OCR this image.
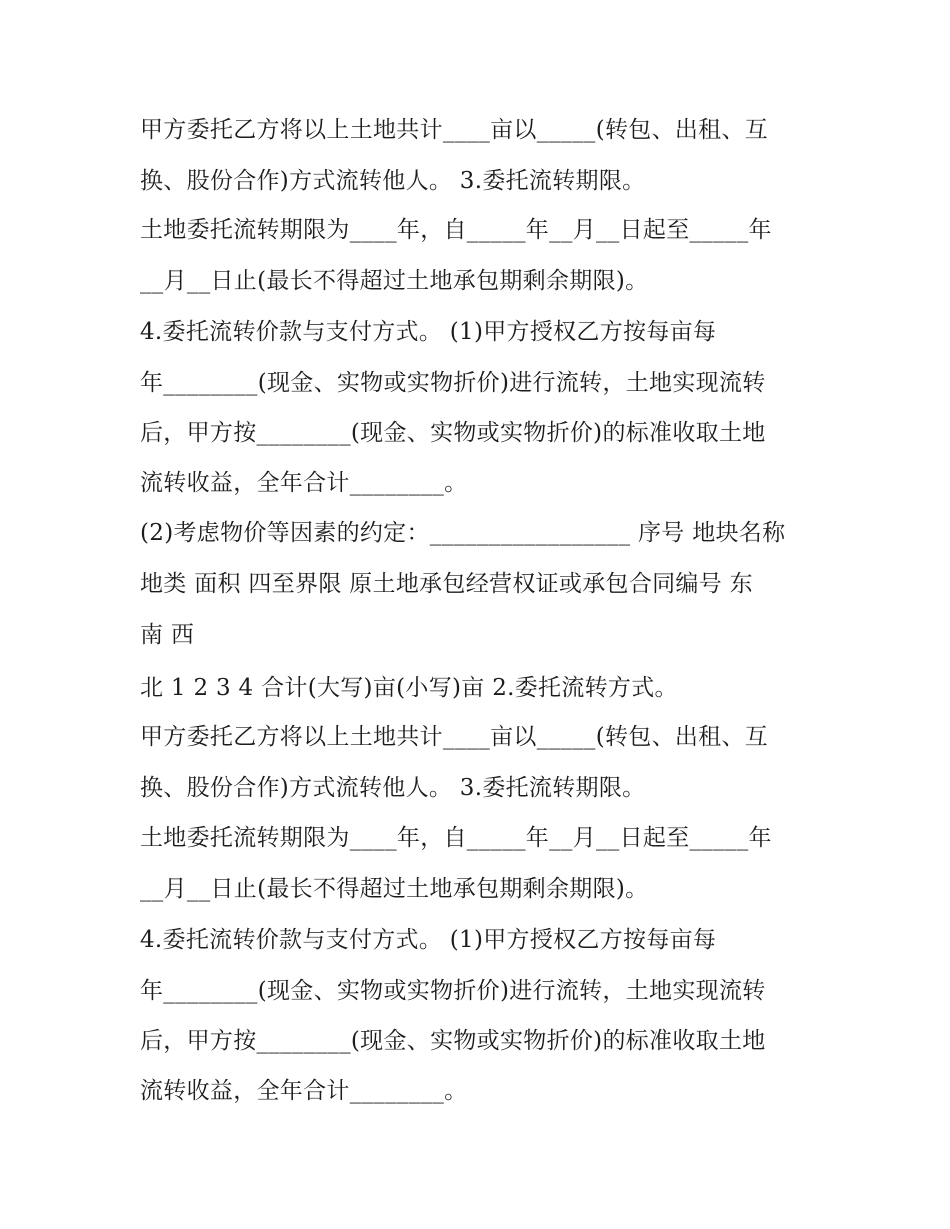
甲方委托乙方将以上土地共计____亩以_____(转包、出租、互
换、股份合作)方式流转他人。 3.委托流转期限。
土地委托流转期限为____年，自_____年__月__日起至_____年
__月__日止(最长不得超过土地承包期剩余期限)。
4.委托流转价款与支付方式。 (1)甲方授权乙方按每亩每
年________(现金、实物或实物折价)进行流转，土地实现流转
后，甲方按________(现金、实物或实物折价)的标准收取土地
流转收益，全年合计________。
(2)考虑物价等因素的约定：_________________ 序号 地块名称
地类 面积 四至界限 原土地承包经营权证或承包合同编号 东
南 西
北 1 2 3 4 合计(大写)亩(小写)亩 2.委托流转方式。
甲方委托乙方将以上土地共计____亩以_____(转包、出租、互
换、股份合作)方式流转他人。 3.委托流转期限。
土地委托流转期限为____年，自_____年__月__日起至_____年
__月__日止(最长不得超过土地承包期剩余期限)。
4.委托流转价款与支付方式。 (1)甲方授权乙方按每亩每
年________(现金、实物或实物折价)进行流转，土地实现流转
后，甲方按________(现金、实物或实物折价)的标准收取土地
流转收益，全年合计________。
